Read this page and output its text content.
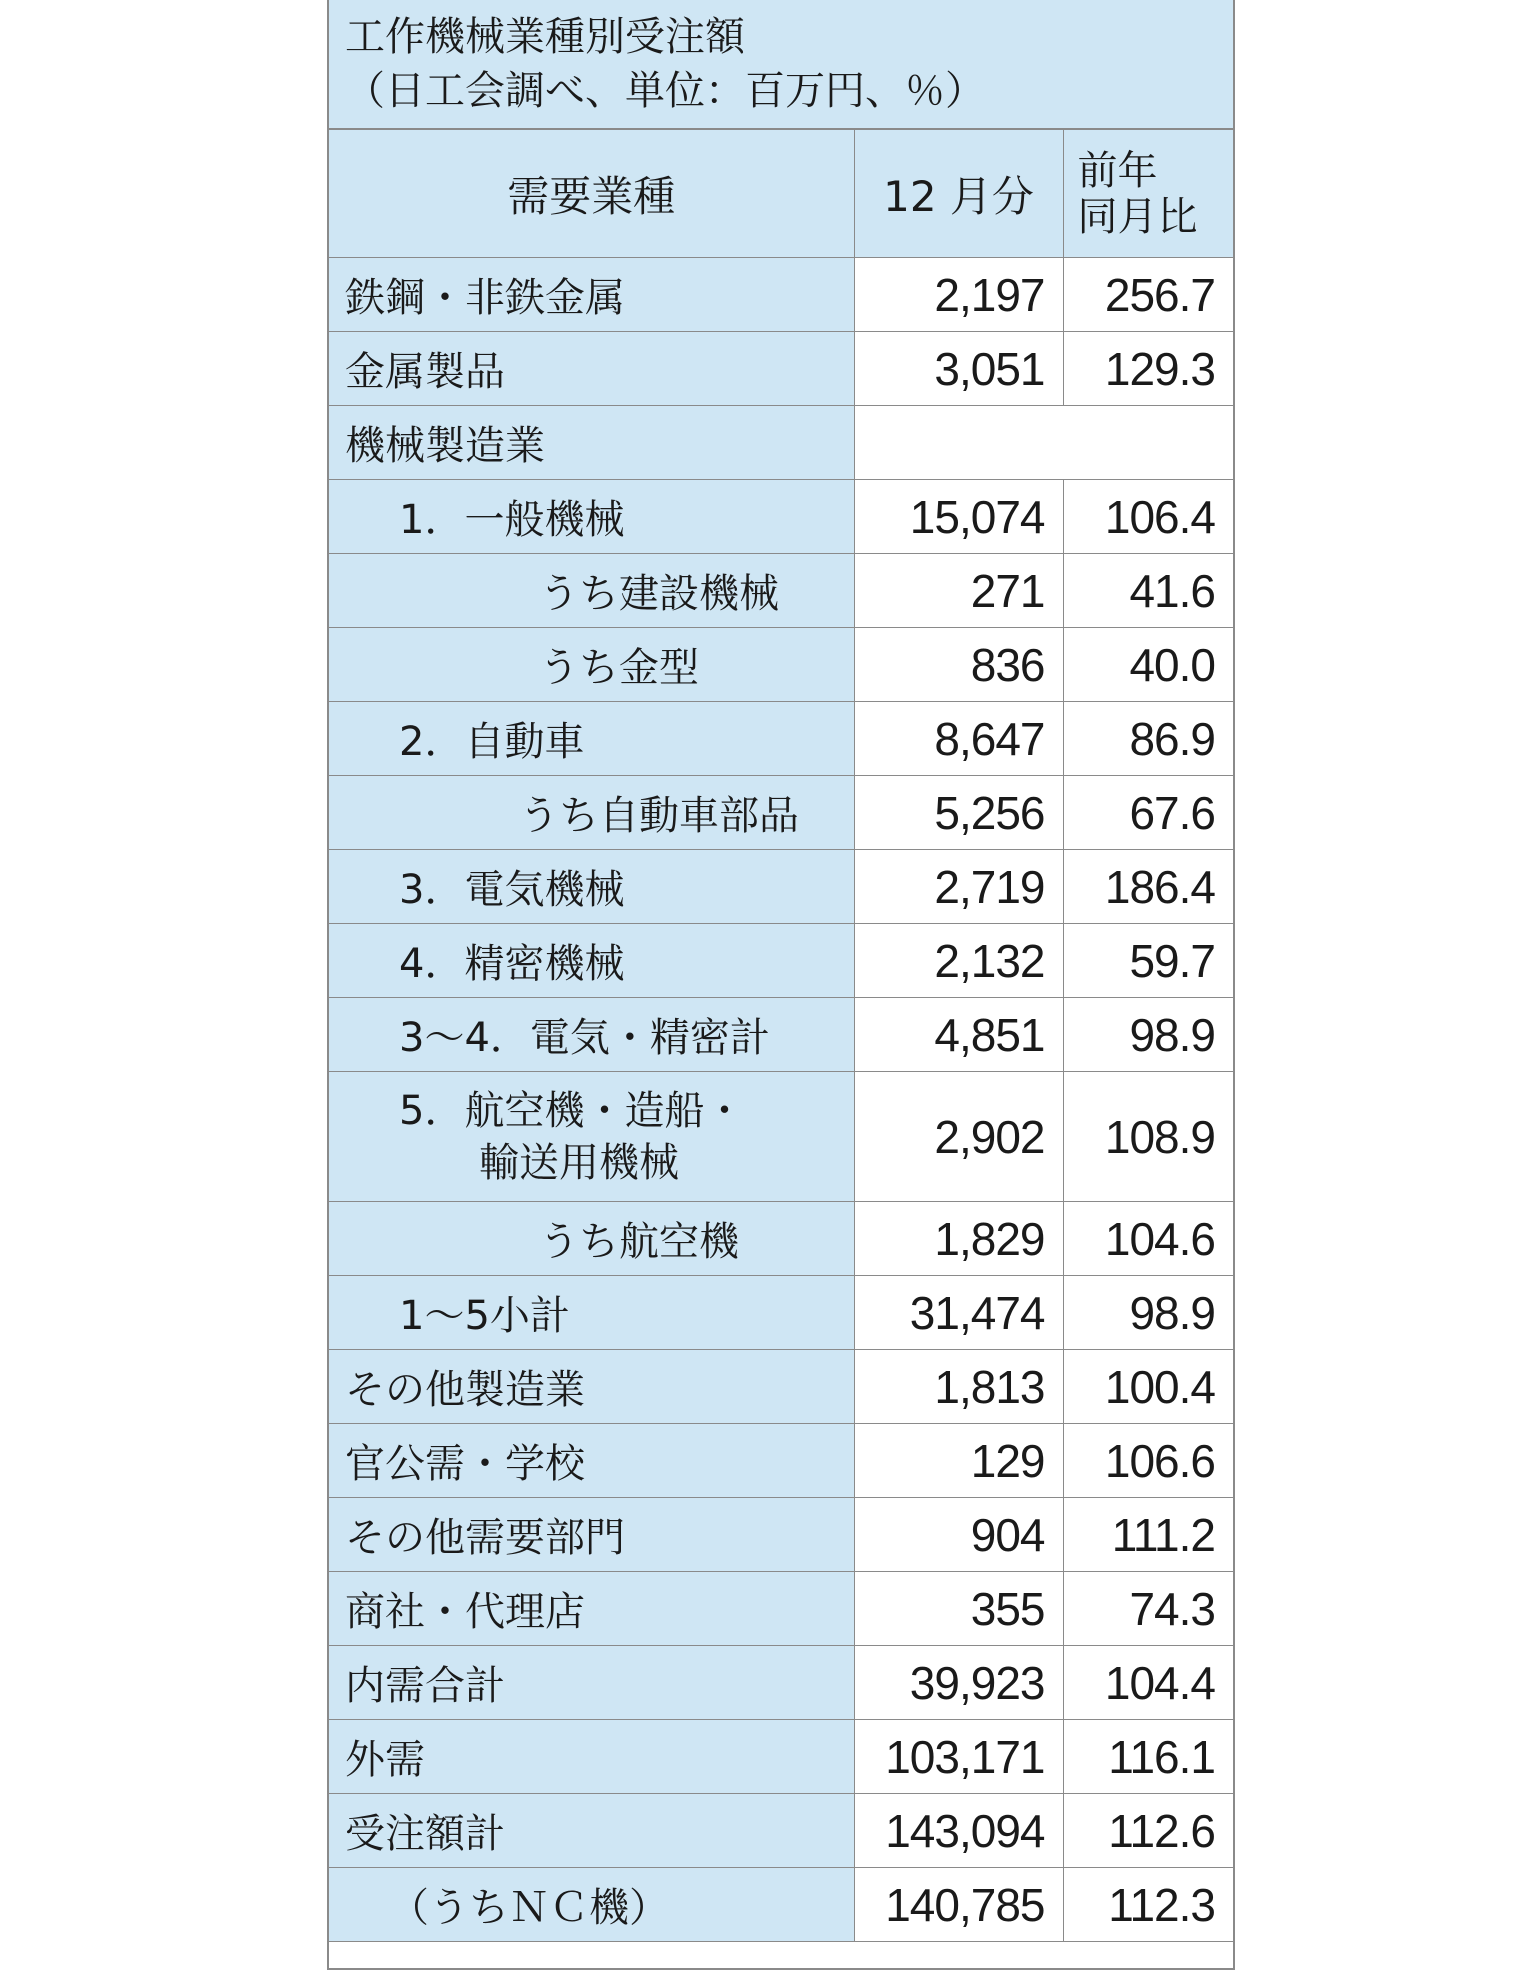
工作機械業種別受注額
（日工会調べ、単位：百万円、％）
需要業種	12 月分	前年
同月比

鉄鋼・非鉄金属	2,197	256.7
金属製品	3,051	129.3
機械製造業		
1．一般機械	15,074	106.4
うち建設機械	271	41.6
うち金型	836	40.0
2．自動車	8,647	86.9
うち自動車部品	5,256	67.6
3．電気機械	2,719	186.4
4．精密機械	2,132	59.7
3～4．電気・精密計	4,851	98.9

5．航空機・造船・
輸送用機械	2,902	108.9
うち航空機	1,829	104.6
1～5小計	31,474	98.9
その他製造業	1,813	100.4
官公需・学校	129	106.6
その他需要部門	904	111.2
商社・代理店	355	74.3
内需合計	39,923	104.4
外需	103,171	116.1
受注額計	143,094	112.6
（うちＮＣ機）	140,785	112.3
